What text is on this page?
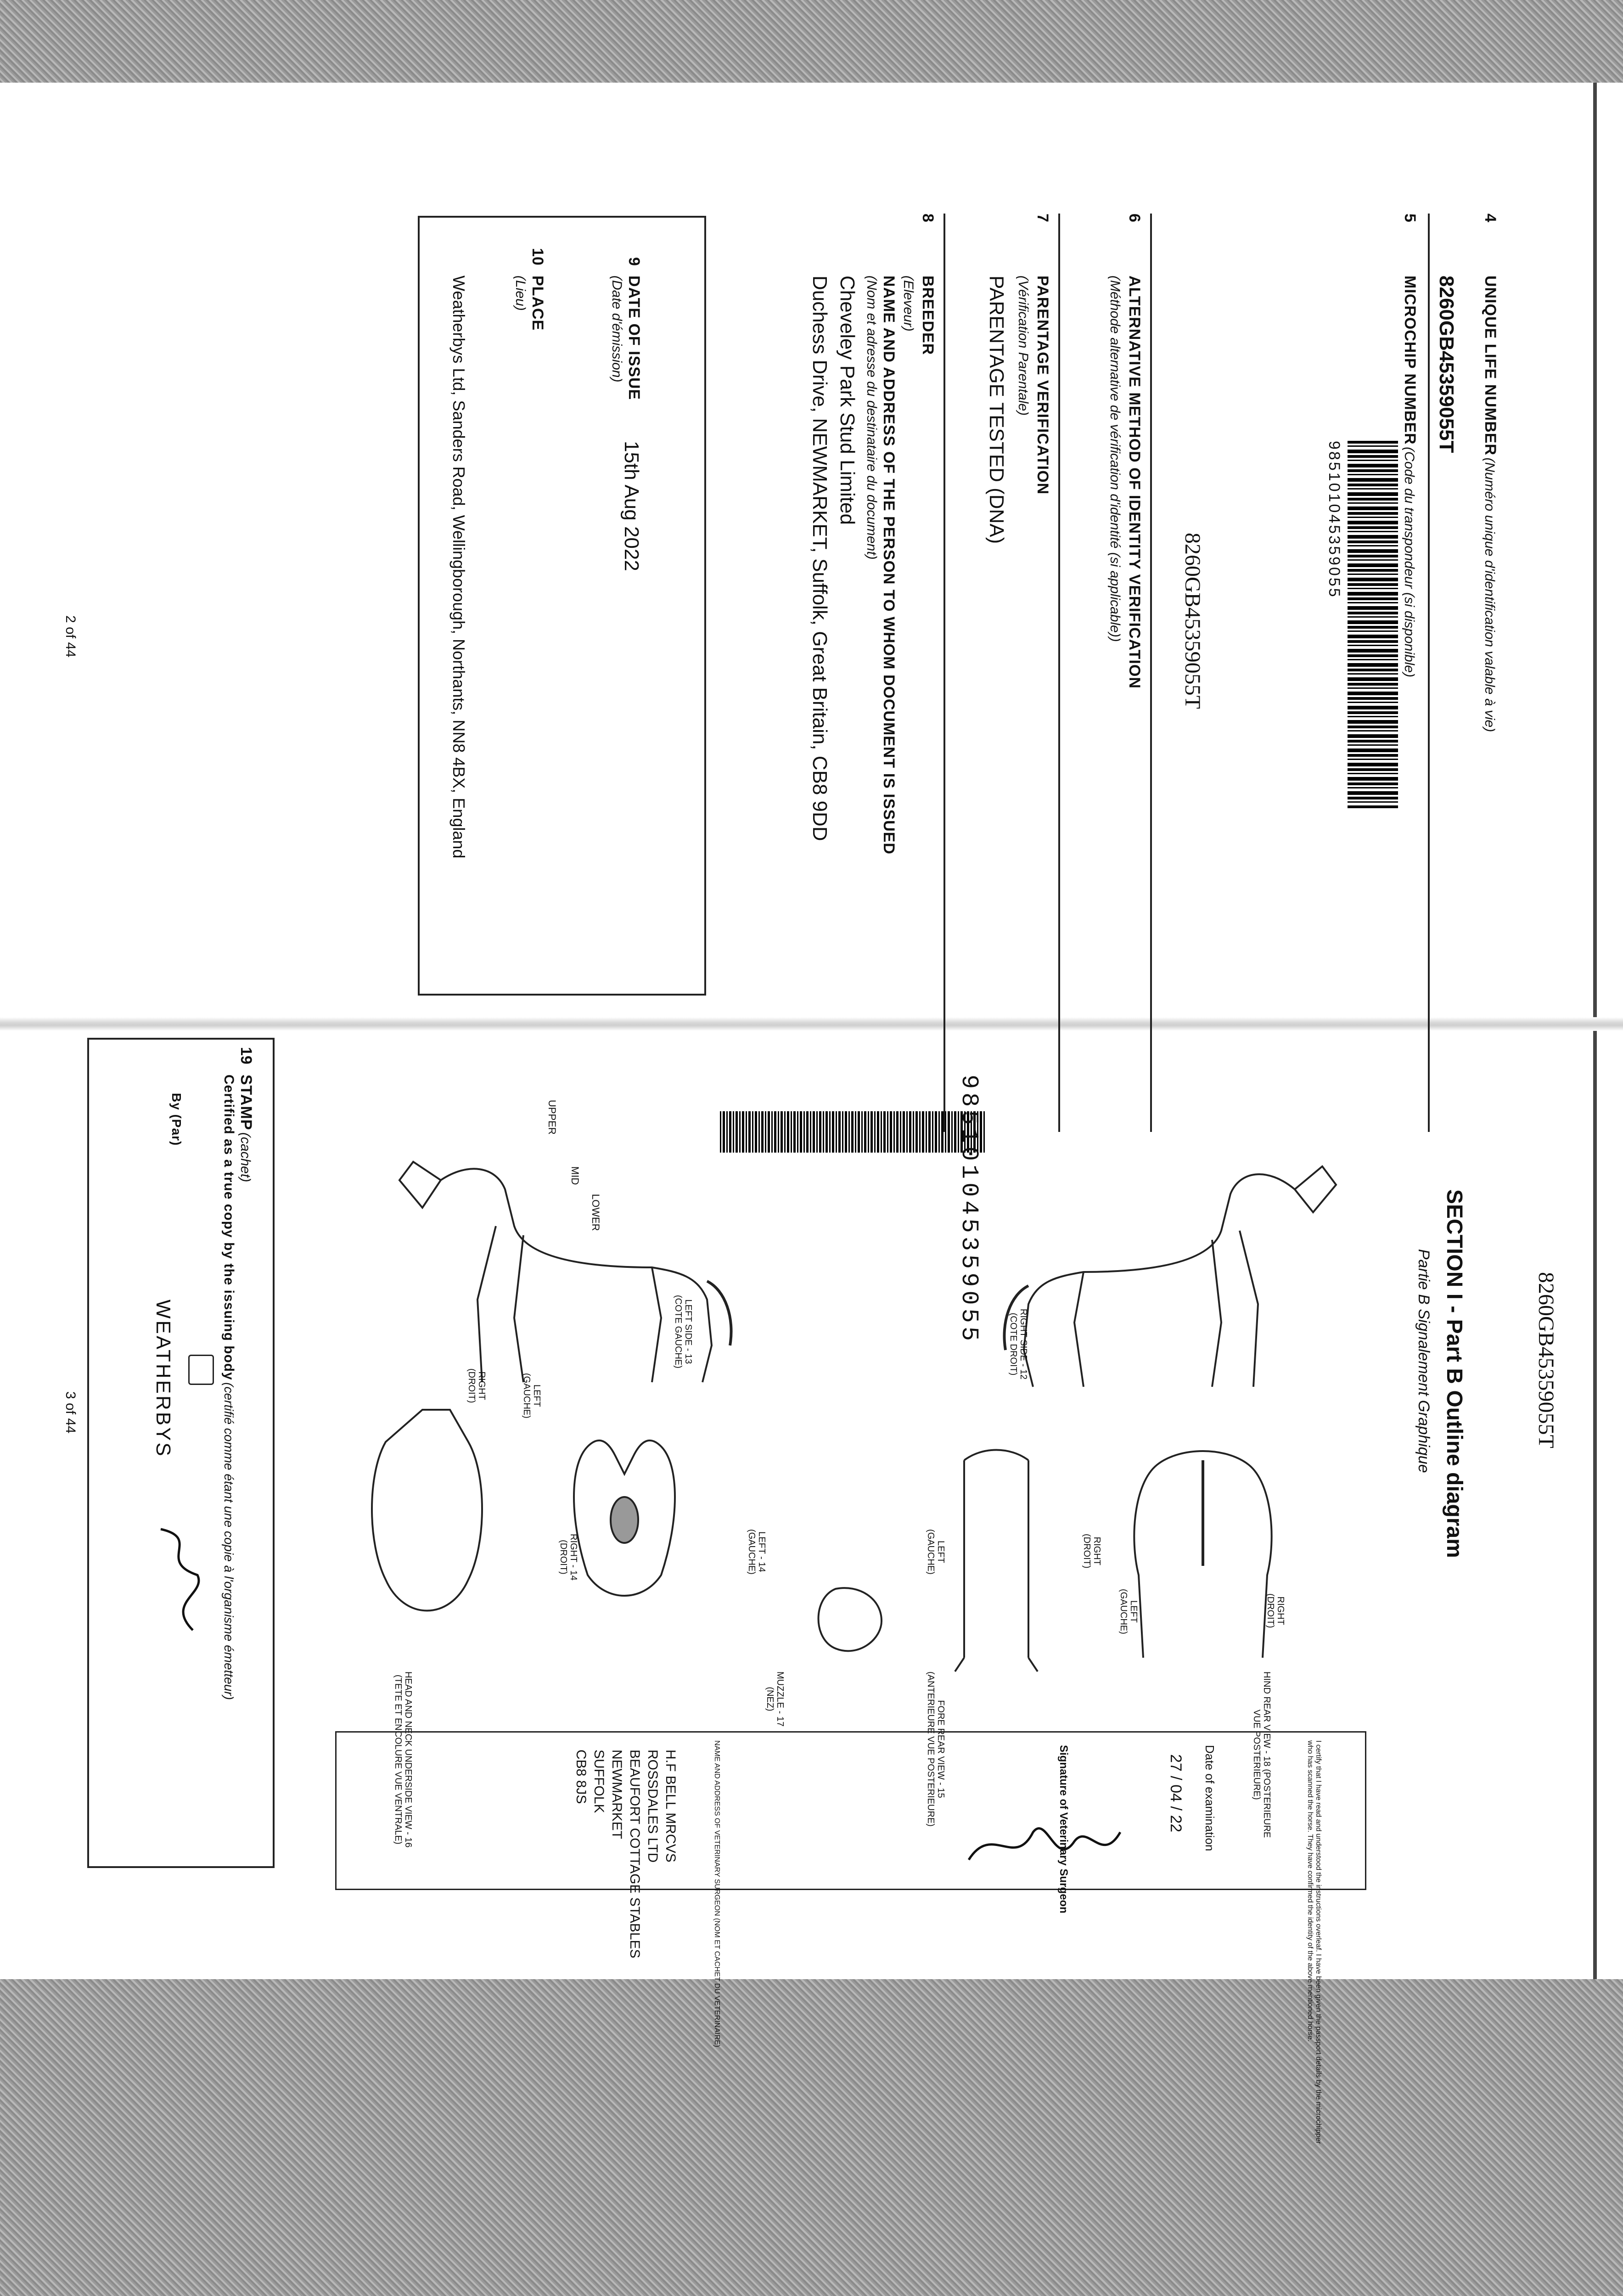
8260GB45359055T
4
UNIQUE LIFE NUMBER (Numéro unique d'identification valable à vie)
8260GB45359055T
5
MICROCHIP NUMBER (Code du transpondeur (si disponible)
985101045359055
6
ALTERNATIVE METHOD OF IDENTITY VERIFICATION
(Méthode alternative de vérification d'identité (si applicable))
7
PARENTAGE VERIFICATION
(Vérification Parentale)
PARENTAGE TESTED (DNA)
8
BREEDER
(Eleveur)
NAME AND ADDRESS OF THE PERSON TO WHOM DOCUMENT IS ISSUED
(Nom et adresse du destinataire du document)
Cheveley Park Stud Limited
Duchess Drive, NEWMARKET, Suffolk, Great Britain, CB8 9DD
9
DATE OF ISSUE
(Date d'émission)
15th Aug 2022
10
PLACE
(Lieu)
Weatherbys Ltd, Sanders Road, Wellingborough, Northants, NN8 4BX, England
2 of 44
8260GB45359055T
SECTION I - Part B Outline diagram
Partie B Signalement Graphique
UPPER
MID
LOWER	985101045359055
LEFT SIDE - 13
(COTE GAUCHE)
RIGHT SIDE - 12
(COTE DROIT)
RIGHT
(DROIT)	LEFT
(GAUCHE)
RIGHT - 14
(DROIT)	LEFT - 14
(GAUCHE)	LEFT
(GAUCHE)	RIGHT
(DROIT)
LEFT
(GAUCHE)	RIGHT
(DROIT)
HEAD AND NECK UNDERSIDE VIEW - 16
(TETE ET ENCOLURE VUE VENTRALE)
MUZZLE - 17
(NEZ)
FORE REAR VIEW - 15
(ANTERIEURE VUE POSTERIEURE)
HIND REAR VIEW - 18 (POSTERIEURE
VUE POSTERIEURE)
NAME AND ADDRESS OF VETERINARY SURGEON (NOM ET CACHET DU VETERINAIRE)
H.F BELL MRCVS
ROSSDALES LTD
BEAUFORT COTTAGE STABLES
NEWMARKET
SUFFOLK
CB8 8JS	I certify that I have read and understood the instructions overleaf. I have been given the passport details by the microchipper who has scanned the horse. They have confirmed the identity of the above mentioned horse.
Date of examination
27 / 04 / 22
Signature of Veterinary Surgeon
19
STAMP (cachet)
Certified as a true copy by the issuing body (certifié comme étant une copie à l'organisme émetteur)
By (Par)
WEATHERBYS
3 of 44
